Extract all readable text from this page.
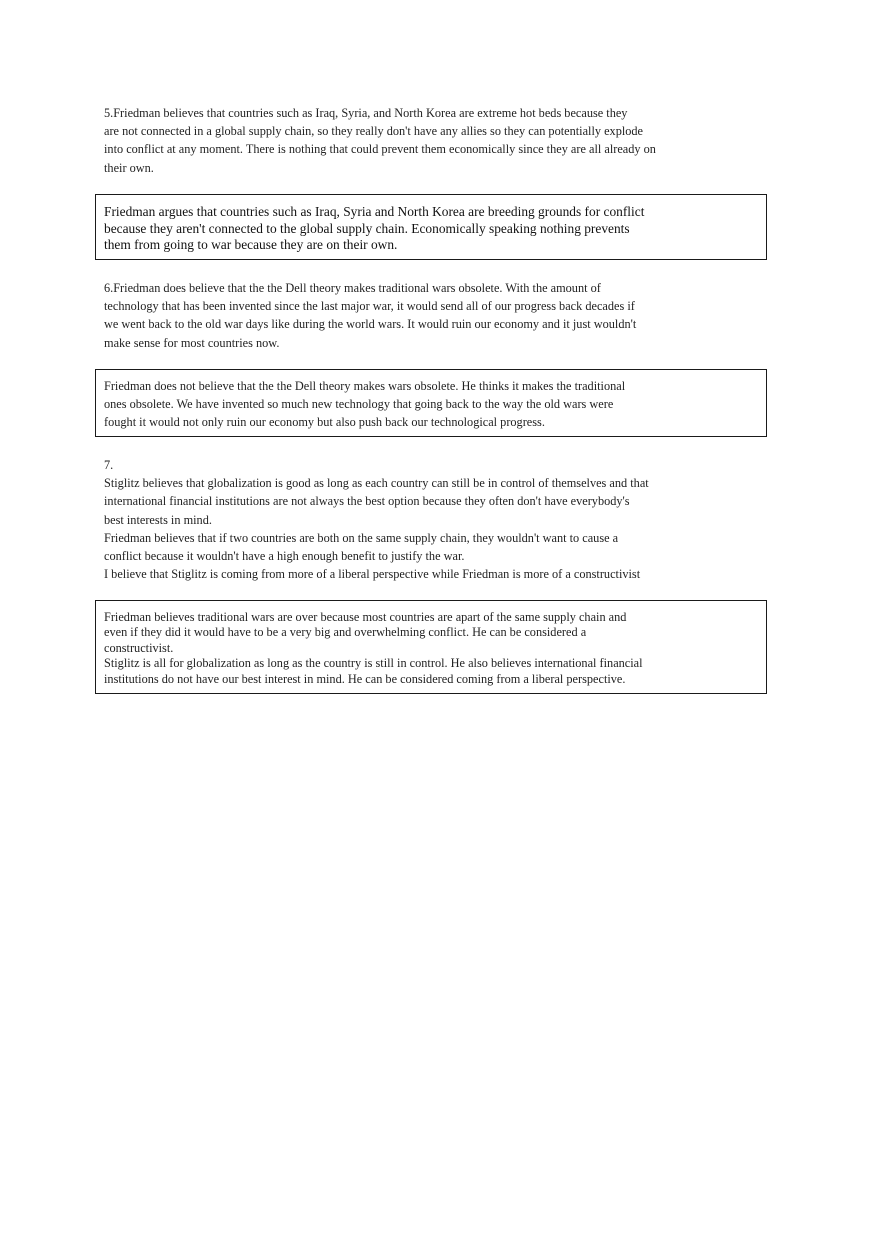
5.Friedman believes that countries such as Iraq, Syria, and North Korea are extreme hot beds because they
are not connected in a global supply chain, so they really don't have any allies so they can potentially explode
into conflict at any moment. There is nothing that could prevent them economically since they are all already on
their own.
Friedman argues that countries such as Iraq, Syria and North Korea are breeding grounds for conflict
because they aren't connected to the global supply chain. Economically speaking nothing prevents
them from going to war because they are on their own.
6.Friedman does believe that the the Dell theory makes traditional wars obsolete. With the amount of
technology that has been invented since the last major war, it would send all of our progress back decades if
we went back to the old war days like during the world wars. It would ruin our economy and it just wouldn't
make sense for most countries now.
Friedman does not believe that the the Dell theory makes wars obsolete. He thinks it makes the traditional
ones obsolete. We have invented so much new technology that going back to the way the old wars were
fought it would not only ruin our economy but also push back our technological progress.
7.
Stiglitz believes that globalization is good as long as each country can still be in control of themselves and that
international financial institutions are not always the best option because they often don't have everybody's
best interests in mind.
Friedman believes that if two countries are both on the same supply chain, they wouldn't want to cause a
conflict because it wouldn't have a high enough benefit to justify the war.
I believe that Stiglitz is coming from more of a liberal perspective while Friedman is more of a constructivist
Friedman believes traditional wars are over because most countries are apart of the same supply chain and
even if they did it would have to be a very big and overwhelming conflict. He can be considered a
constructivist.
Stiglitz is all for globalization as long as the country is still in control. He also believes international financial
institutions do not have our best interest in mind. He can be considered coming from a liberal perspective.
